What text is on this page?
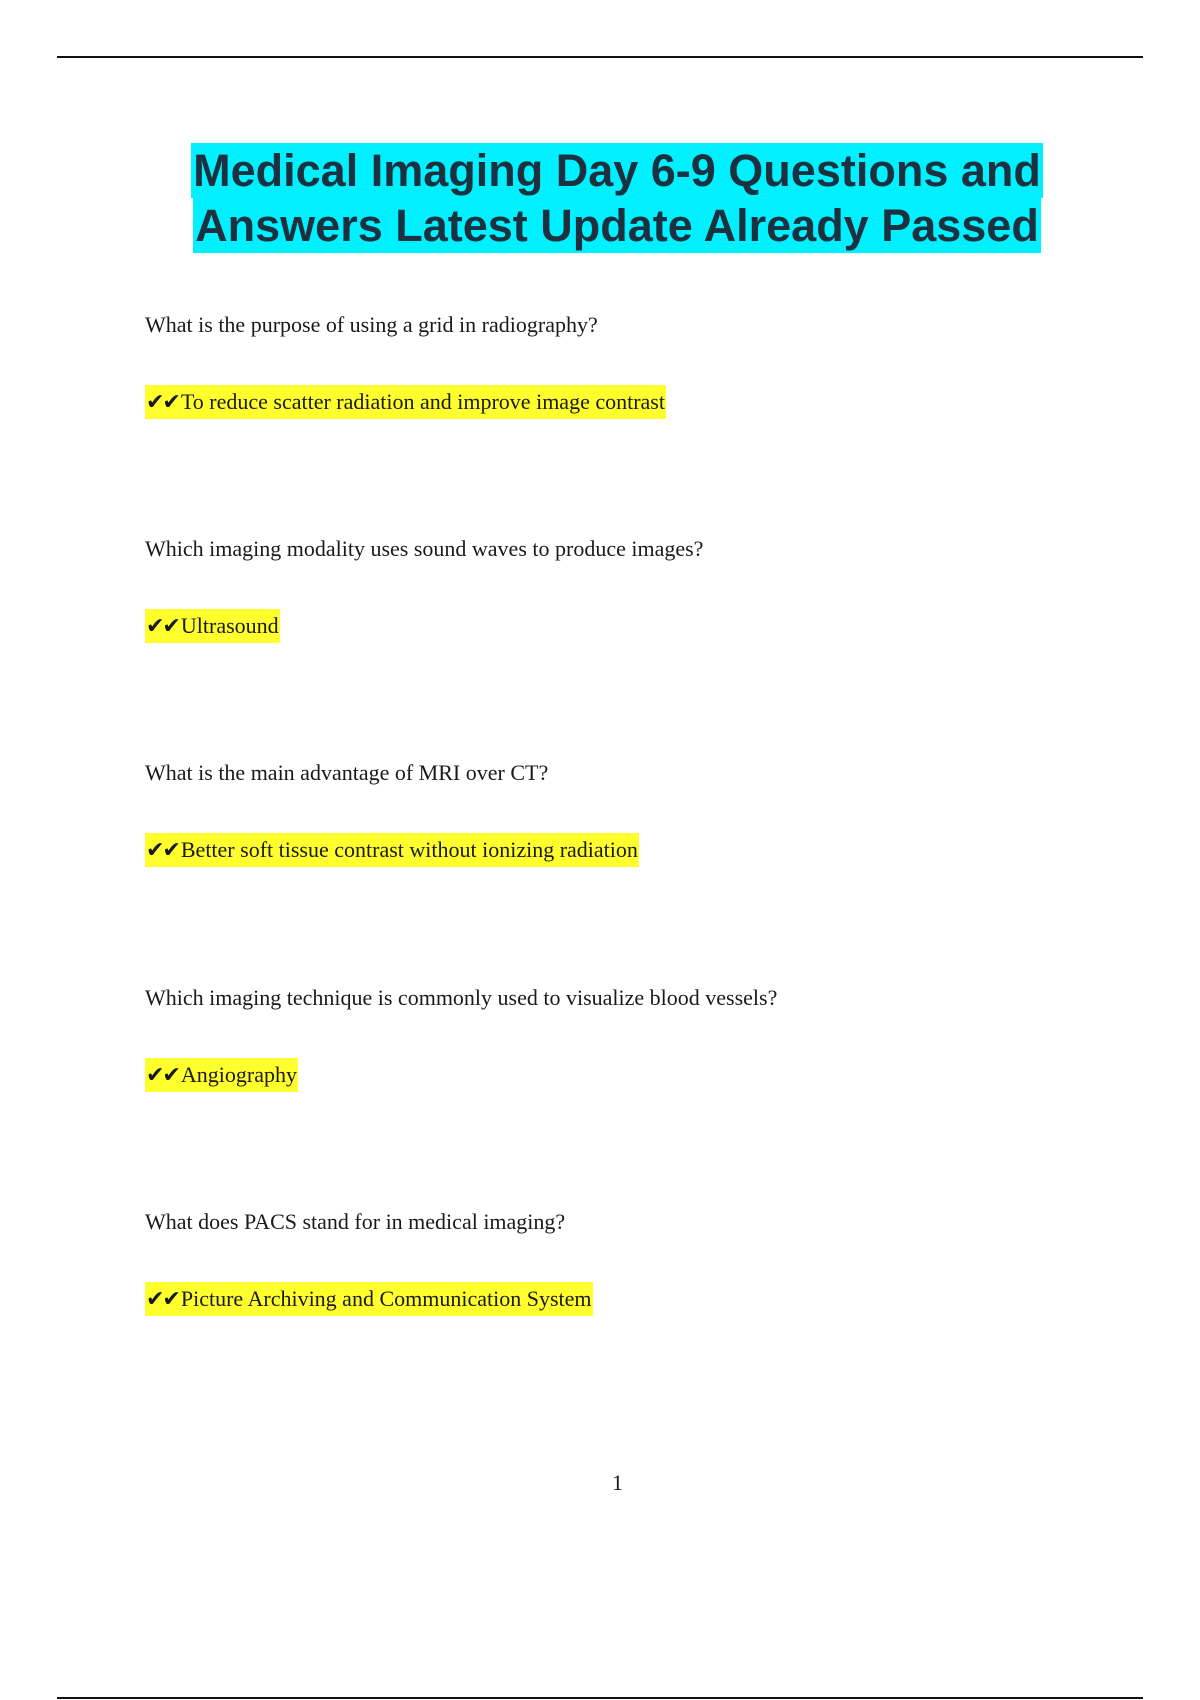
Medical Imaging Day 6-9 Questions and
Answers Latest Update Already Passed

What is the purpose of using a grid in radiography?

✔✔To reduce scatter radiation and improve image contrast

Which imaging modality uses sound waves to produce images?

✔✔Ultrasound

What is the main advantage of MRI over CT?

✔✔Better soft tissue contrast without ionizing radiation

Which imaging technique is commonly used to visualize blood vessels?

✔✔Angiography

What does PACS stand for in medical imaging?

✔✔Picture Archiving and Communication System
1
